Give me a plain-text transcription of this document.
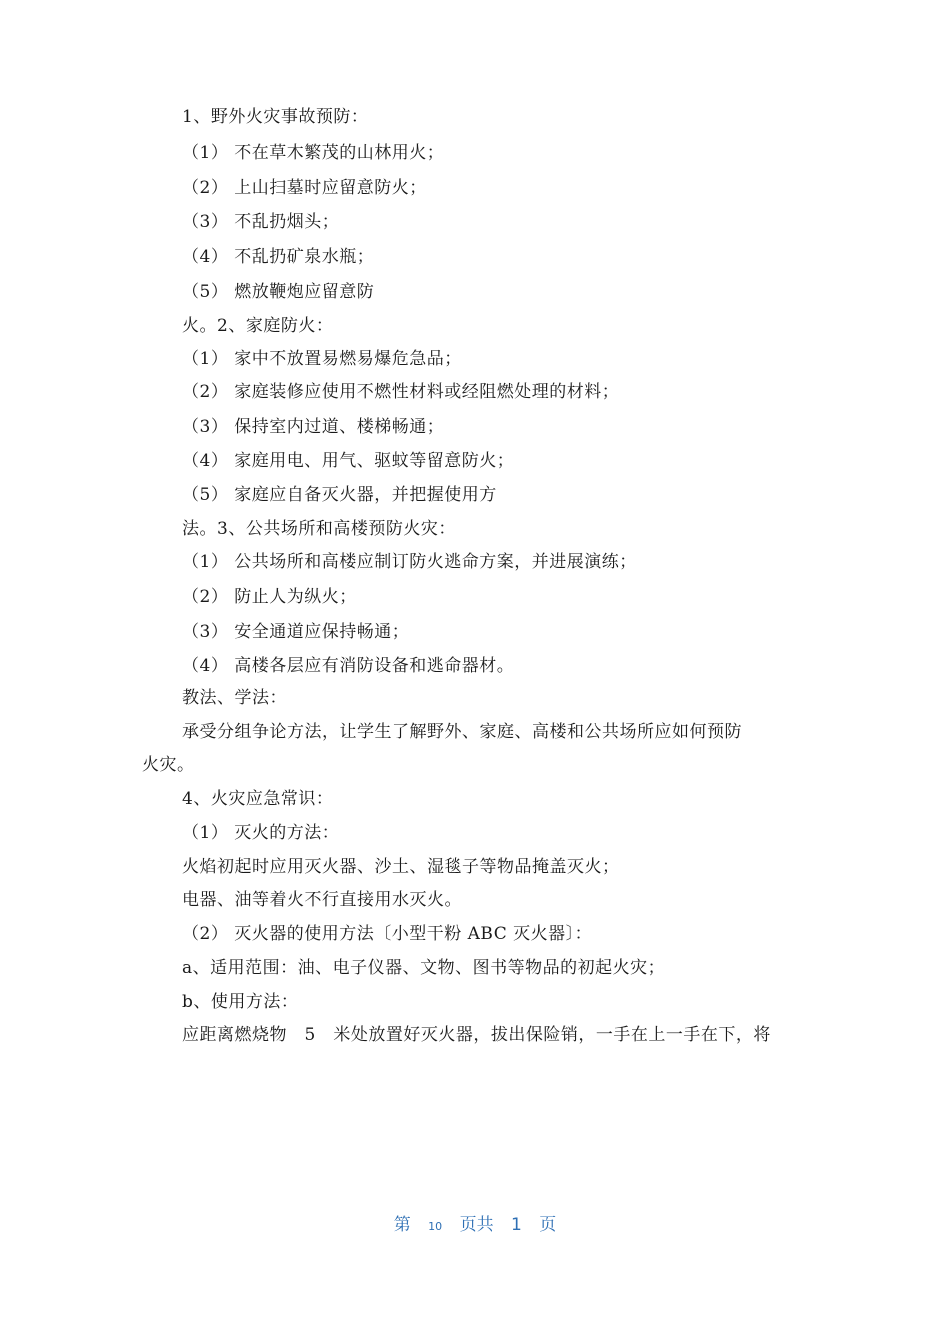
1、野外火灾事故预防：
（1） 不在草木繁茂的山林用火；
（2） 上山扫墓时应留意防火；
（3） 不乱扔烟头；
（4） 不乱扔矿泉水瓶；
（5） 燃放鞭炮应留意防
火。2、家庭防火：
（1） 家中不放置易燃易爆危急品；
（2） 家庭装修应使用不燃性材料或经阻燃处理的材料；
（3） 保持室内过道、楼梯畅通；
（4） 家庭用电、用气、驱蚊等留意防火；
（5） 家庭应自备灭火器，并把握使用方
法。3、公共场所和高楼预防火灾：
（1） 公共场所和高楼应制订防火逃命方案，并进展演练；
（2） 防止人为纵火；
（3） 安全通道应保持畅通；
（4） 高楼各层应有消防设备和逃命器材。
教法、学法：
承受分组争论方法，让学生了解野外、家庭、高楼和公共场所应如何预防
火灾。
4、火灾应急常识：
（1） 灭火的方法：
火焰初起时应用灭火器、沙土、湿毯子等物品掩盖灭火；
电器、油等着火不行直接用水灭火。
（2） 灭火器的使用方法〔小型干粉 ABC 灭火器〕：
a、适用范围：油、电子仪器、文物、图书等物品的初起火灾；
b、使用方法：
应距离燃烧物　5　米处放置好灭火器，拔出保险销，一手在上一手在下，将
第 10 页共 1 页
